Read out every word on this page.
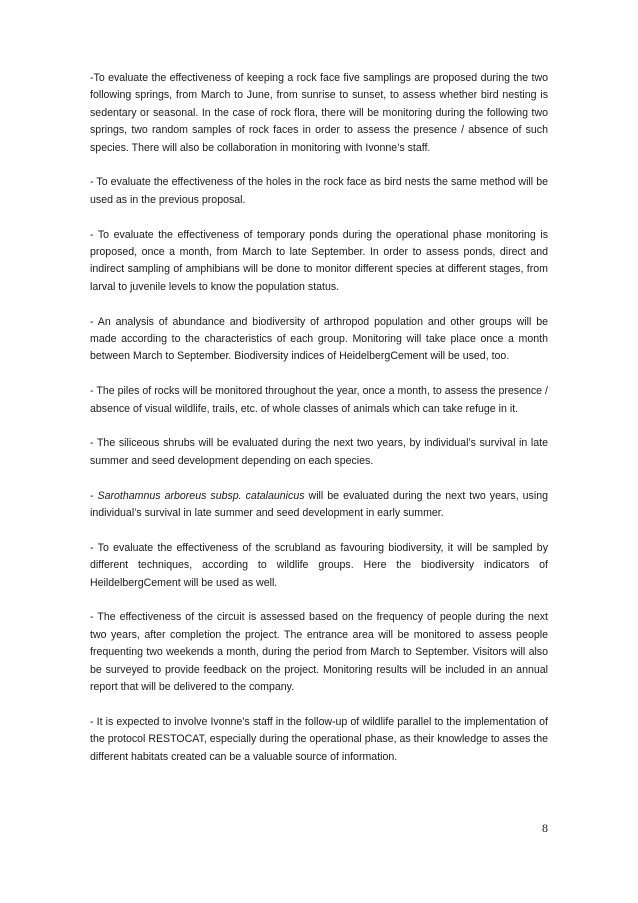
-To evaluate the effectiveness of keeping a rock face five samplings are proposed during the two following springs, from March to June, from sunrise to sunset, to assess whether bird nesting is sedentary or seasonal. In the case of rock flora, there will be monitoring during the following two springs, two random samples of rock faces in order to assess the presence / absence of such species. There will also be collaboration in monitoring with Ivonne’s staff.

- To evaluate the effectiveness of the holes in the rock face as bird nests the same method will be used as in the previous proposal.

- To evaluate the effectiveness of temporary ponds during the operational phase monitoring is proposed, once a month, from March to late September. In order to assess ponds, direct and indirect sampling of amphibians will be done to monitor different species at different stages, from larval to juvenile levels to know the population status.

- An analysis of abundance and biodiversity of arthropod population and other groups will be made according to the characteristics of each group. Monitoring will take place once a month between March to September. Biodiversity indices of HeidelbergCement will be used, too.

- The piles of rocks will be monitored throughout the year, once a month, to assess the presence / absence of visual wildlife, trails, etc. of whole classes of animals which can take refuge in it.

- The siliceous shrubs will be evaluated during the next two years, by individual’s survival in late summer and seed development depending on each species.

- Sarothamnus arboreus subsp. catalaunicus will be evaluated during the next two years, using individual’s survival in late summer and seed development in early summer.

- To evaluate the effectiveness of the scrubland as favouring biodiversity, it will be sampled by different techniques, according to wildlife groups. Here the biodiversity indicators of HeildelbergCement will be used as well.

- The effectiveness of the circuit is assessed based on the frequency of people during the next two years, after completion the project. The entrance area will be monitored to assess people frequenting two weekends a month, during the period from March to September. Visitors will also be surveyed to provide feedback on the project. Monitoring results will be included in an annual report that will be delivered to the company.

- It is expected to involve Ivonne’s staff in the follow-up of wildlife parallel to the implementation of the protocol RESTOCAT, especially during the operational phase, as their knowledge to asses the different habitats created can be a valuable source of information.

8
